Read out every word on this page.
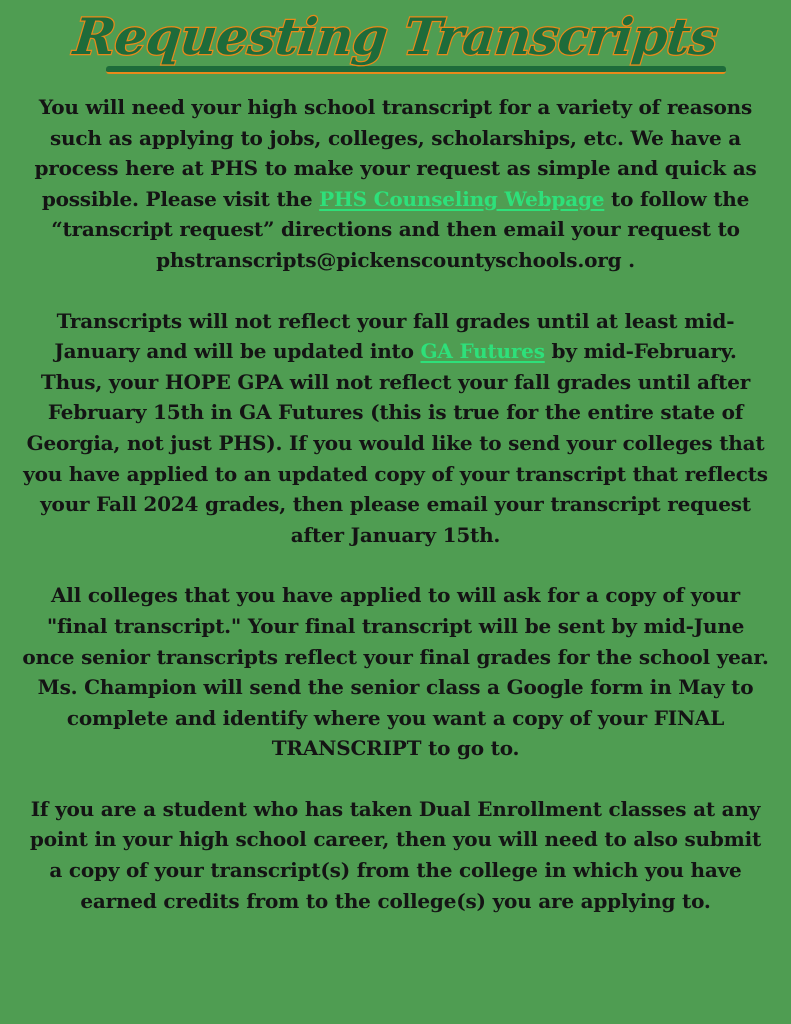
Requesting Transcripts

You will need your high school transcript for a variety of reasons such as applying to jobs, colleges, scholarships, etc. We have a process here at PHS to make your request as simple and quick as possible. Please visit the PHS Counseling Webpage to follow the “transcript request” directions and then email your request to phstranscripts@pickenscountyschools.org .

Transcripts will not reflect your fall grades until at least mid-January and will be updated into GA Futures by mid-February. Thus, your HOPE GPA will not reflect your fall grades until after February 15th in GA Futures (this is true for the entire state of Georgia, not just PHS). If you would like to send your colleges that you have applied to an updated copy of your transcript that reflects your Fall 2024 grades, then please email your transcript request after January 15th.

All colleges that you have applied to will ask for a copy of your "final transcript." Your final transcript will be sent by mid-June once senior transcripts reflect your final grades for the school year. Ms. Champion will send the senior class a Google form in May to complete and identify where you want a copy of your FINAL TRANSCRIPT to go to.

If you are a student who has taken Dual Enrollment classes at any point in your high school career, then you will need to also submit a copy of your transcript(s) from the college in which you have earned credits from to the college(s) you are applying to.
